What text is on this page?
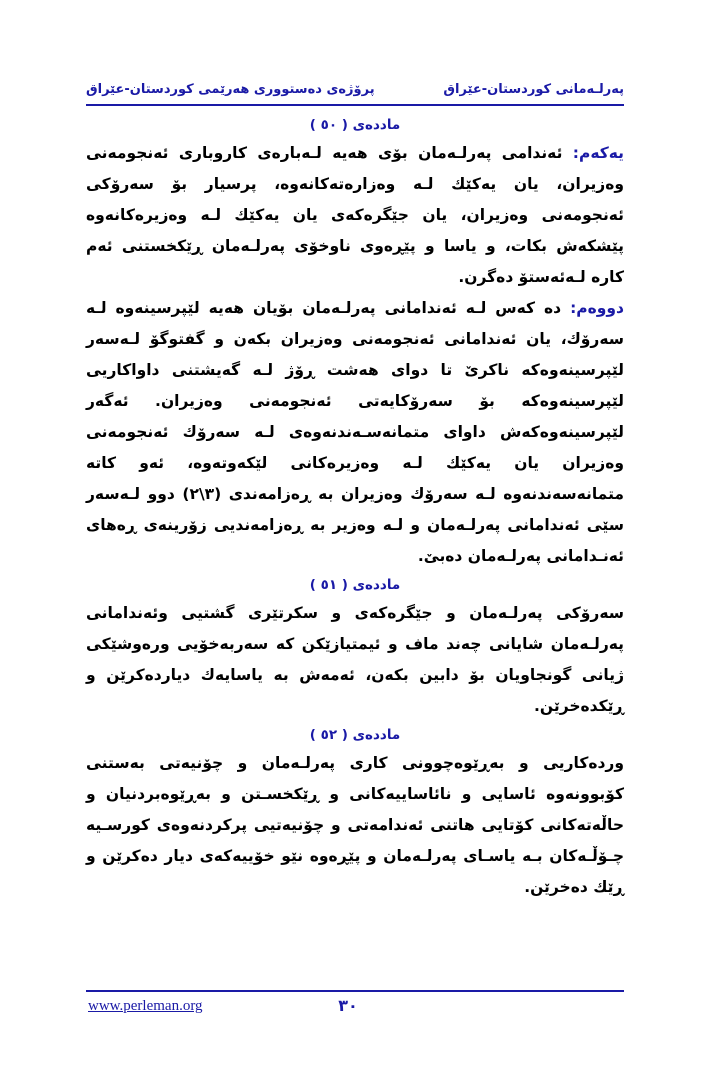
پەرلـەمانی كوردستان-عێراق
پرۆژەی دەستووری هەرێمی كوردستان-عێراق
ماددەی ( ٥٠ )

یەكەم: ئەندامی پەرلـەمان بۆی هەیە لـەبارەی كاروباری ئەنجومەنی وەزیران، یان یەكێك لـە وەزارەتەكانەوە، پرسیار بۆ سەرۆكی ئەنجومەنی وەزیران، یان جێگرەكەی یان یەكێك لـە وەزیرەكانەوە پێشكەش بكات، و یاسا و پێڕەوی ناوخۆی پەرلـەمان ڕێكخستنی ئەم كارە لـەئەستۆ دەگرن.

دووەم: دە كەس لـە ئەندامانی پەرلـەمان بۆیان هەیە لێپرسینەوە لـە سەرۆك، یان ئەندامانی ئەنجومەنی وەزیران بكەن و گفتوگۆ لـەسەر لێپرسینەوەكە ناكرێ تا دوای هەشت ڕۆژ لـە گەیشتنی داواكاریی لێپرسینەوەكە بۆ سەرۆكایەتی ئەنجومەنی وەزیران. ئەگەر لێپرسینەوەكەش داوای متمانەسـەندنەوەی لـە سەرۆك ئەنجومەنی وەزیران یان یەكێك لـە وەزیرەكانی لێكەوتەوە، ئەو كاتە متمانەسەندنەوە لـە سەرۆك وەزیران بە ڕەزامەندی (٣\٢) دوو لـەسەر سێی ئەندامانی پەرلـەمان و لـە وەزیر بە ڕەزامەندیی زۆرینەی ڕەهای ئەنـدامانی پەرلـەمان دەبێ.

ماددەی ( ٥١ )

سەرۆكی پەرلـەمان و جێگرەكەی و سكرتێری گشتیی وئەندامانی پەرلـەمان شایانی چەند ماف و ئیمتیازێكن كە سەربەخۆیی ورەوشێكی ژیانی گونجاویان بۆ دابین بكەن، ئەمەش بە یاسایەك دیاردەكرێن و ڕێكدەخرێن.

ماددەی ( ٥٢ )

وردەكاریی و بەڕێوەچوونی كاری پەرلـەمان و چۆنیەتی بەستنی كۆبوونەوە ئاسایی و نائاساییەكانی و ڕێكخسـتن و بەڕێوەبردنیان و حاڵەتەكانی كۆتایی هاتنی ئەندامەتی و چۆنیەتیی پركردنەوەی كورسـیە چـۆڵـەكان بـە یاسـای پەرلـەمان و پێڕەوە نێو خۆییەكەی دیار دەكرێن و ڕێك دەخرێن.

www.perleman.org	٣٠
